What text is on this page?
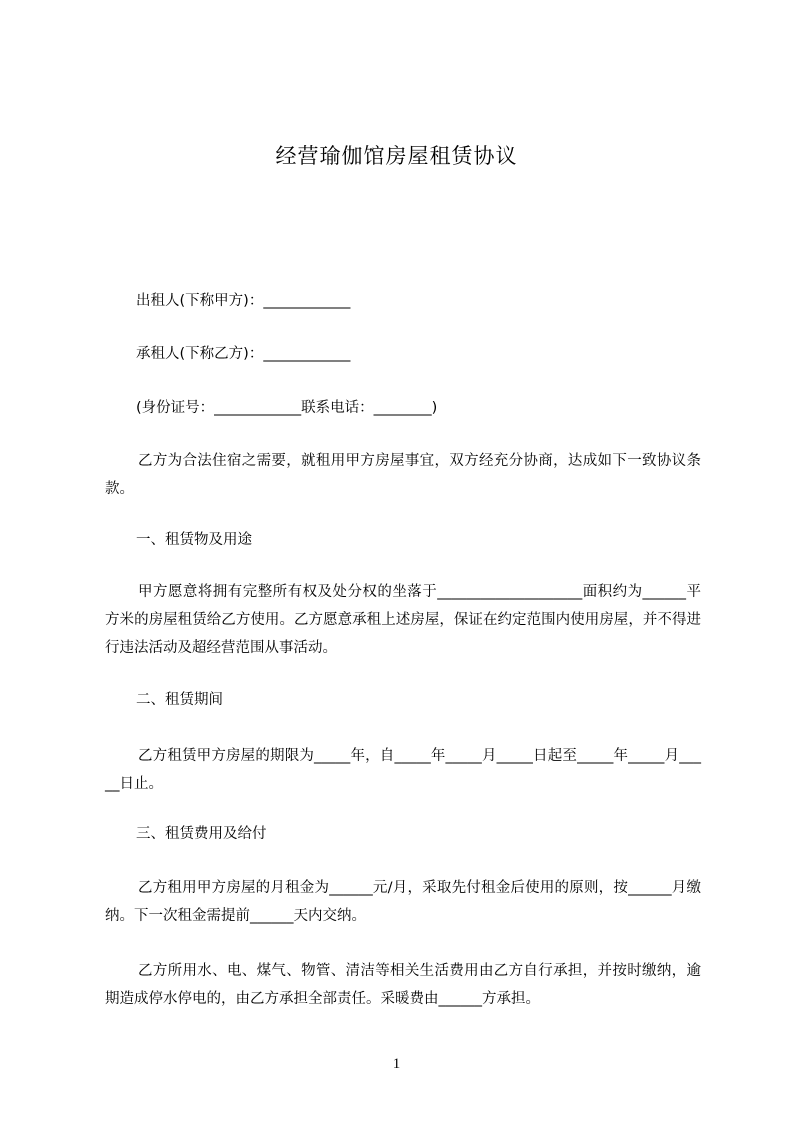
经营瑜伽馆房屋租赁协议
出租人(下称甲方)：____________
承租人(下称乙方)：____________
(身份证号：____________联系电话：________)
乙方为合法住宿之需要，就租用甲方房屋事宜，双方经充分协商，达成如下一致协议条款。
一、租赁物及用途
甲方愿意将拥有完整所有权及处分权的坐落于____________________面积约为______平方米的房屋租赁给乙方使用。乙方愿意承租上述房屋，保证在约定范围内使用房屋，并不得进行违法活动及超经营范围从事活动。
二、租赁期间
乙方租赁甲方房屋的期限为_____年，自_____年_____月_____日起至_____年_____月_____日止。
三、租赁费用及给付
乙方租用甲方房屋的月租金为______元/月，采取先付租金后使用的原则，按______月缴纳。下一次租金需提前______天内交纳。
乙方所用水、电、煤气、物管、清洁等相关生活费用由乙方自行承担，并按时缴纳，逾期造成停水停电的，由乙方承担全部责任。采暖费由______方承担。
1
